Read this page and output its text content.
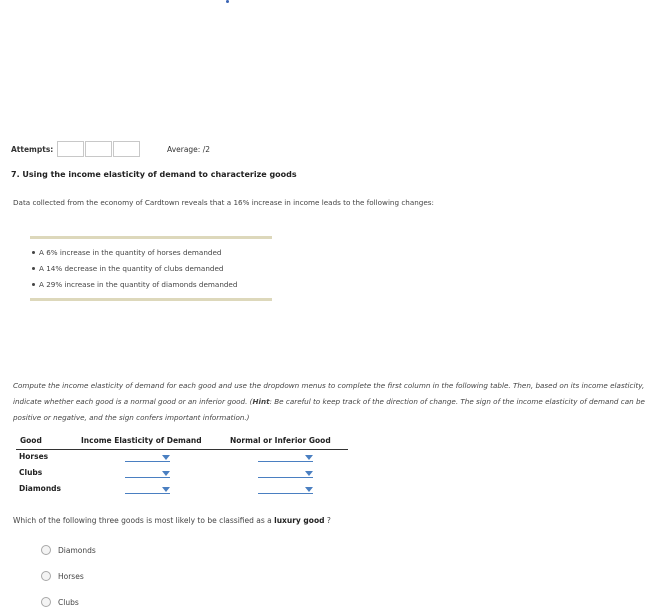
Attempts:	Average: /2
7. Using the income elasticity of demand to characterize goods
Data collected from the economy of Cardtown reveals that a 16% increase in income leads to the following changes:
A 6% increase in the quantity of horses demanded
A 14% decrease in the quantity of clubs demanded
A 29% increase in the quantity of diamonds demanded
Compute the income elasticity of demand for each good and use the dropdown menus to complete the first column in the following table. Then, based on its income elasticity, indicate whether each good is a normal good or an inferior good. (Hint: Be careful to keep track of the direction of change. The sign of the income elasticity of demand can be positive or negative, and the sign confers important information.)
Good	Income Elasticity of Demand	Normal or Inferior Good
Horses
Clubs
Diamonds
Which of the following three goods is most likely to be classified as a luxury good ?
Diamonds
Horses
Clubs
